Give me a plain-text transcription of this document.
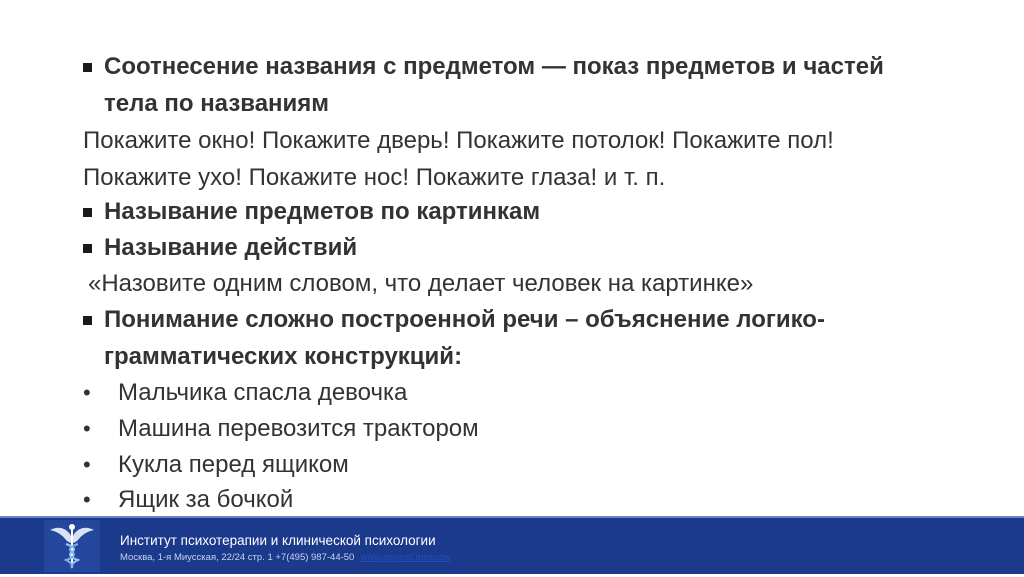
Соотнесение названия с предметом — показ предметов и частей
тела по названиям
Покажите окно! Покажите дверь! Покажите потолок! Покажите пол!
Покажите ухо! Покажите нос! Покажите глаза! и т. п.
Называние предметов по картинкам
Называние действий
«Назовите одним словом, что делает человек на картинке»
Понимание сложно построенной речи – объяснение логико-
грамматических конструкций:
• Мальчика спасла девочка
• Машина перевозится трактором
• Кукла перед ящиком
• Ящик за бочкой
Институт психотерапии и клинической психологии
Москва, 1-я Миусская, 22/24 стр. 1 +7(495) 987-44-50 www.psyinst.moscow
